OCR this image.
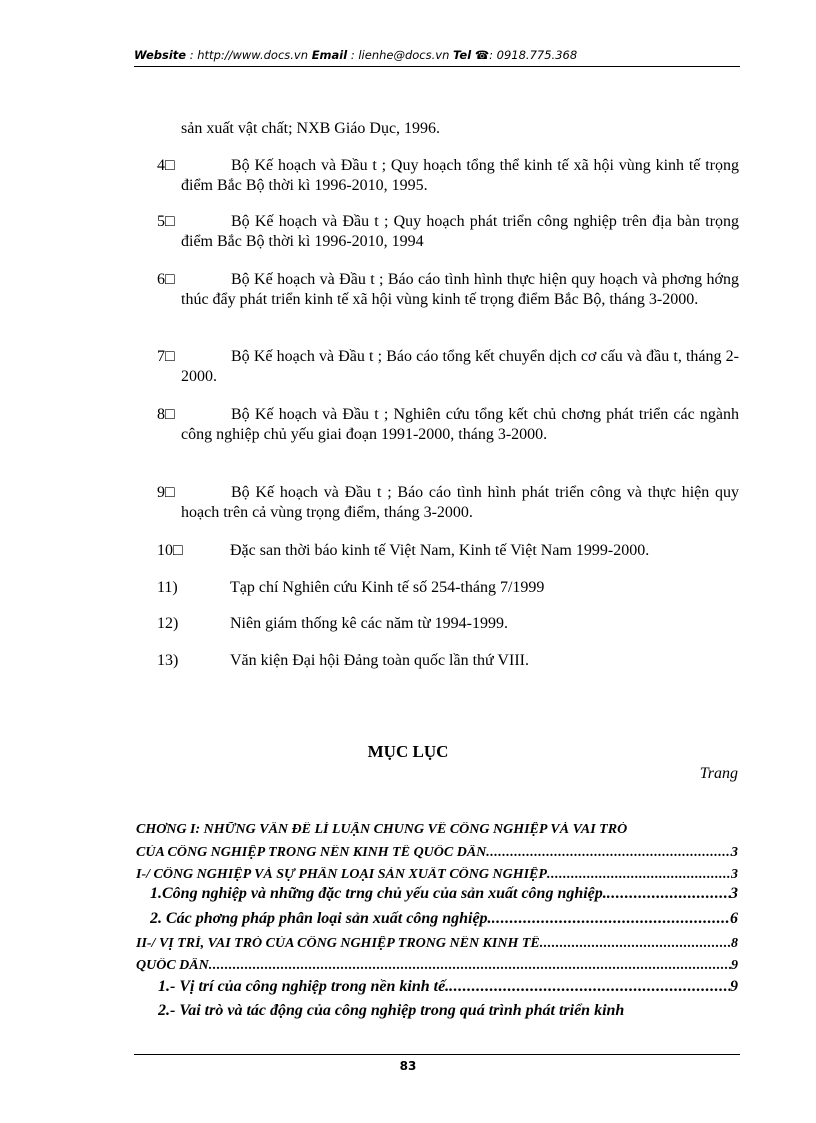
Website : http://www.docs.vn Email : lienhe@docs.vn Tel ☎: 0918.775.368
sản xuất vật chất; NXB Giáo Dục, 1996.
4□	Bộ Kế hoạch và Đầu t ; Quy hoạch tổng thể kinh tế xã hội vùng kinh tế trọng điểm Bắc Bộ thời kì 1996-2010, 1995.
5□	Bộ Kế hoạch và Đầu t ; Quy hoạch phát triển công nghiệp trên địa bàn trọng điểm Bắc Bộ thời kì 1996-2010, 1994
6□	Bộ Kế hoạch và Đầu t ; Báo cáo tình hình thực hiện quy hoạch và phơng hớng thúc đẩy phát triển kinh tế xã hội vùng kinh tế trọng điểm Bắc Bộ, tháng 3-2000.
7□	Bộ Kế hoạch và Đầu t ; Báo cáo tổng kết chuyển dịch cơ cấu và đầu t, tháng 2-2000.
8□	Bộ Kế hoạch và Đầu t ; Nghiên cứu tổng kết chủ chơng phát triển các ngành công nghiệp chủ yếu giai đoạn 1991-2000, tháng 3-2000.
9□	Bộ Kế hoạch và Đầu t ; Báo cáo tình hình phát triển công và thực hiện quy hoạch trên cả vùng trọng điểm, tháng 3-2000.
10□	Đặc san thời báo kinh tế Việt Nam, Kinh tế Việt Nam 1999-2000.
11)	Tạp chí Nghiên cứu Kinh tế số 254-tháng 7/1999
12)	Niên giám thống kê các năm từ 1994-1999.
13)	Văn kiện Đại hội Đảng toàn quốc lần thứ VIII.
MỤC LỤC
Trang
CHƠNG I: NHỮNG VẤN ĐỀ LÍ LUẬN CHUNG VỀ CÔNG NGHIỆP VÀ VAI TRÒ
CỦA CÔNG NGHIỆP TRONG NỀN KINH TẾ QUỐC DÂN .....	3
I-/ CÔNG NGHIỆP VÀ SỰ PHÂN LOẠI SẢN XUẤT CÔNG NGHIỆP .....	3
1.Công nghiệp và những đặc trng chủ yếu của sản xuất công nghiệp. .....	3
2. Các phơng pháp phân loại sản xuất công nghiệp. .....	6
II-/ VỊ TRÍ, VAI TRÒ CỦA CÔNG NGHIỆP TRONG NỀN KINH TẾ .....	8
QUỐC DÂN .....	9
1.- Vị trí của công nghiệp trong nền kinh tế. .....	9
2.- Vai trò và tác động của công nghiệp trong quá trình phát triển kinh
83
